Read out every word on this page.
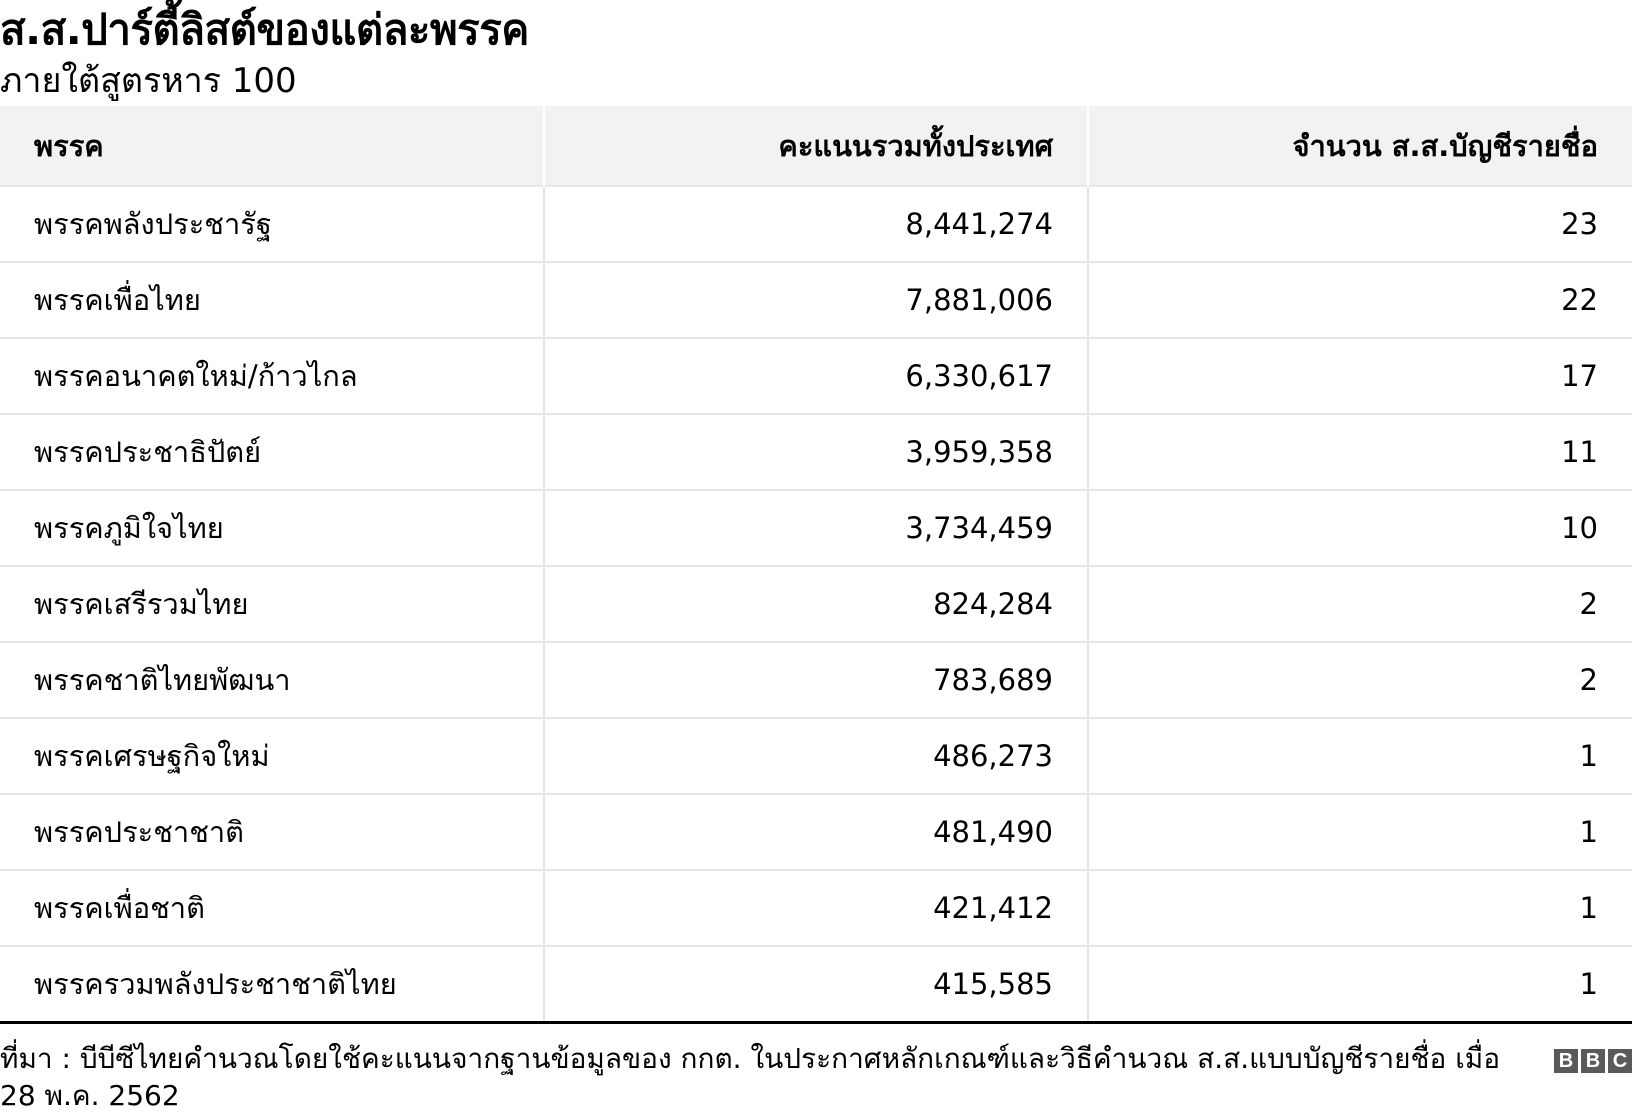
ส.ส.ปาร์ตี้ลิสต์ของแต่ละพรรค
ภายใต้สูตรหาร 100
พรรค	คะแนนรวมทั้งประเทศ	จำนวน ส.ส.บัญชีรายชื่อ
พรรคพลังประชารัฐ	8,441,274	23
พรรคเพื่อไทย	7,881,006	22
พรรคอนาคตใหม่/ก้าวไกล	6,330,617	17
พรรคประชาธิปัตย์	3,959,358	11
พรรคภูมิใจไทย	3,734,459	10
พรรคเสรีรวมไทย	824,284	2
พรรคชาติไทยพัฒนา	783,689	2
พรรคเศรษฐกิจใหม่	486,273	1
พรรคประชาชาติ	481,490	1
พรรคเพื่อชาติ	421,412	1
พรรครวมพลังประชาชาติไทย	415,585	1
ที่มา : บีบีซีไทยคำนวณโดยใช้คะแนนจากฐานข้อมูลของ กกต. ในประกาศหลักเกณฑ์และวิธีคำนวณ ส.ส.แบบบัญชีรายชื่อ เมื่อ 28 พ.ค. 2562
B B C
